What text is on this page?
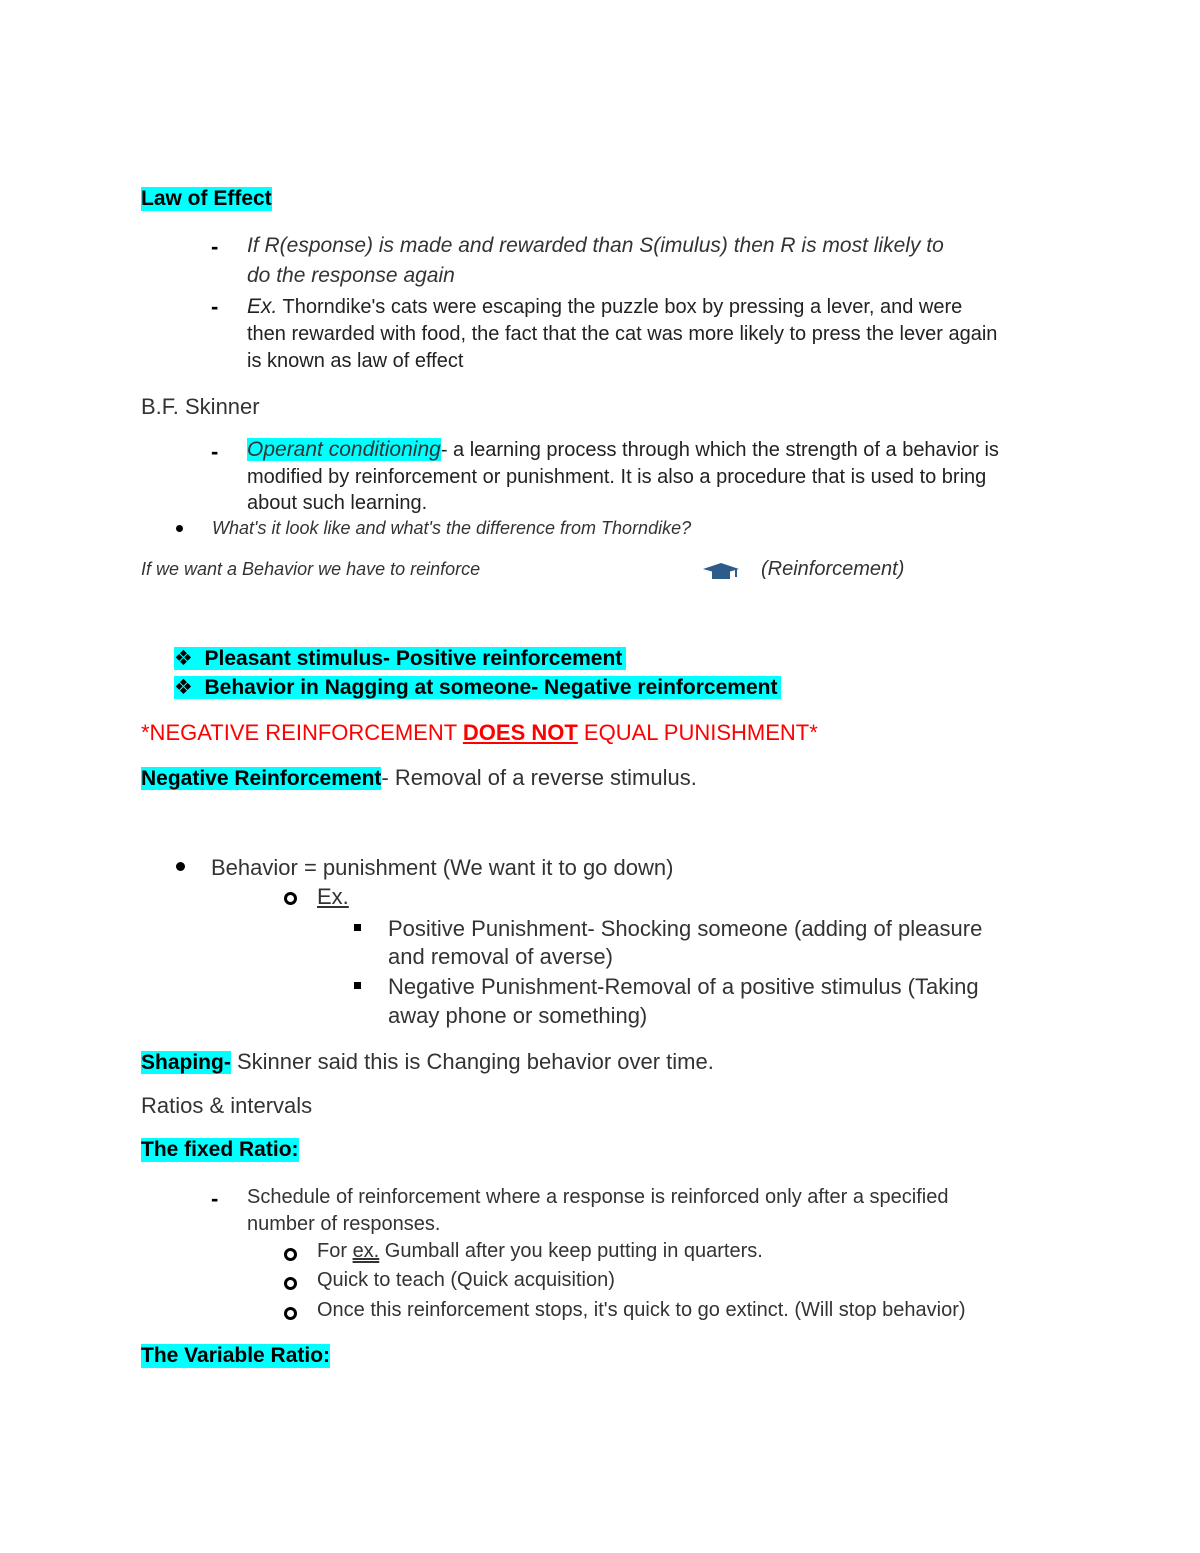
Law of Effect
- If R(esponse) is made and rewarded than S(imulus) then R is most likely to
do the response again
- Ex. Thorndike's cats were escaping the puzzle box by pressing a lever, and were
then rewarded with food, the fact that the cat was more likely to press the lever again
is known as law of effect
B.F. Skinner
- Operant conditioning- a learning process through which the strength of a behavior is
modified by reinforcement or punishment. It is also a procedure that is used to bring
about such learning.
What's it look like and what's the difference from Thorndike?
If we want a Behavior we have to reinforce	(Reinforcement)
❖ Pleasant stimulus- Positive reinforcement
❖ Behavior in Nagging at someone- Negative reinforcement
*NEGATIVE REINFORCEMENT DOES NOT EQUAL PUNISHMENT*
Negative Reinforcement- Removal of a reverse stimulus.
Behavior = punishment (We want it to go down)
Ex.
Positive Punishment- Shocking someone (adding of pleasure
and removal of averse)
Negative Punishment-Removal of a positive stimulus (Taking
away phone or something)
Shaping- Skinner said this is Changing behavior over time.
Ratios & intervals
The fixed Ratio:
- Schedule of reinforcement where a response is reinforced only after a specified
number of responses.
For ex. Gumball after you keep putting in quarters.
Quick to teach (Quick acquisition)
Once this reinforcement stops, it's quick to go extinct. (Will stop behavior)
The Variable Ratio:
